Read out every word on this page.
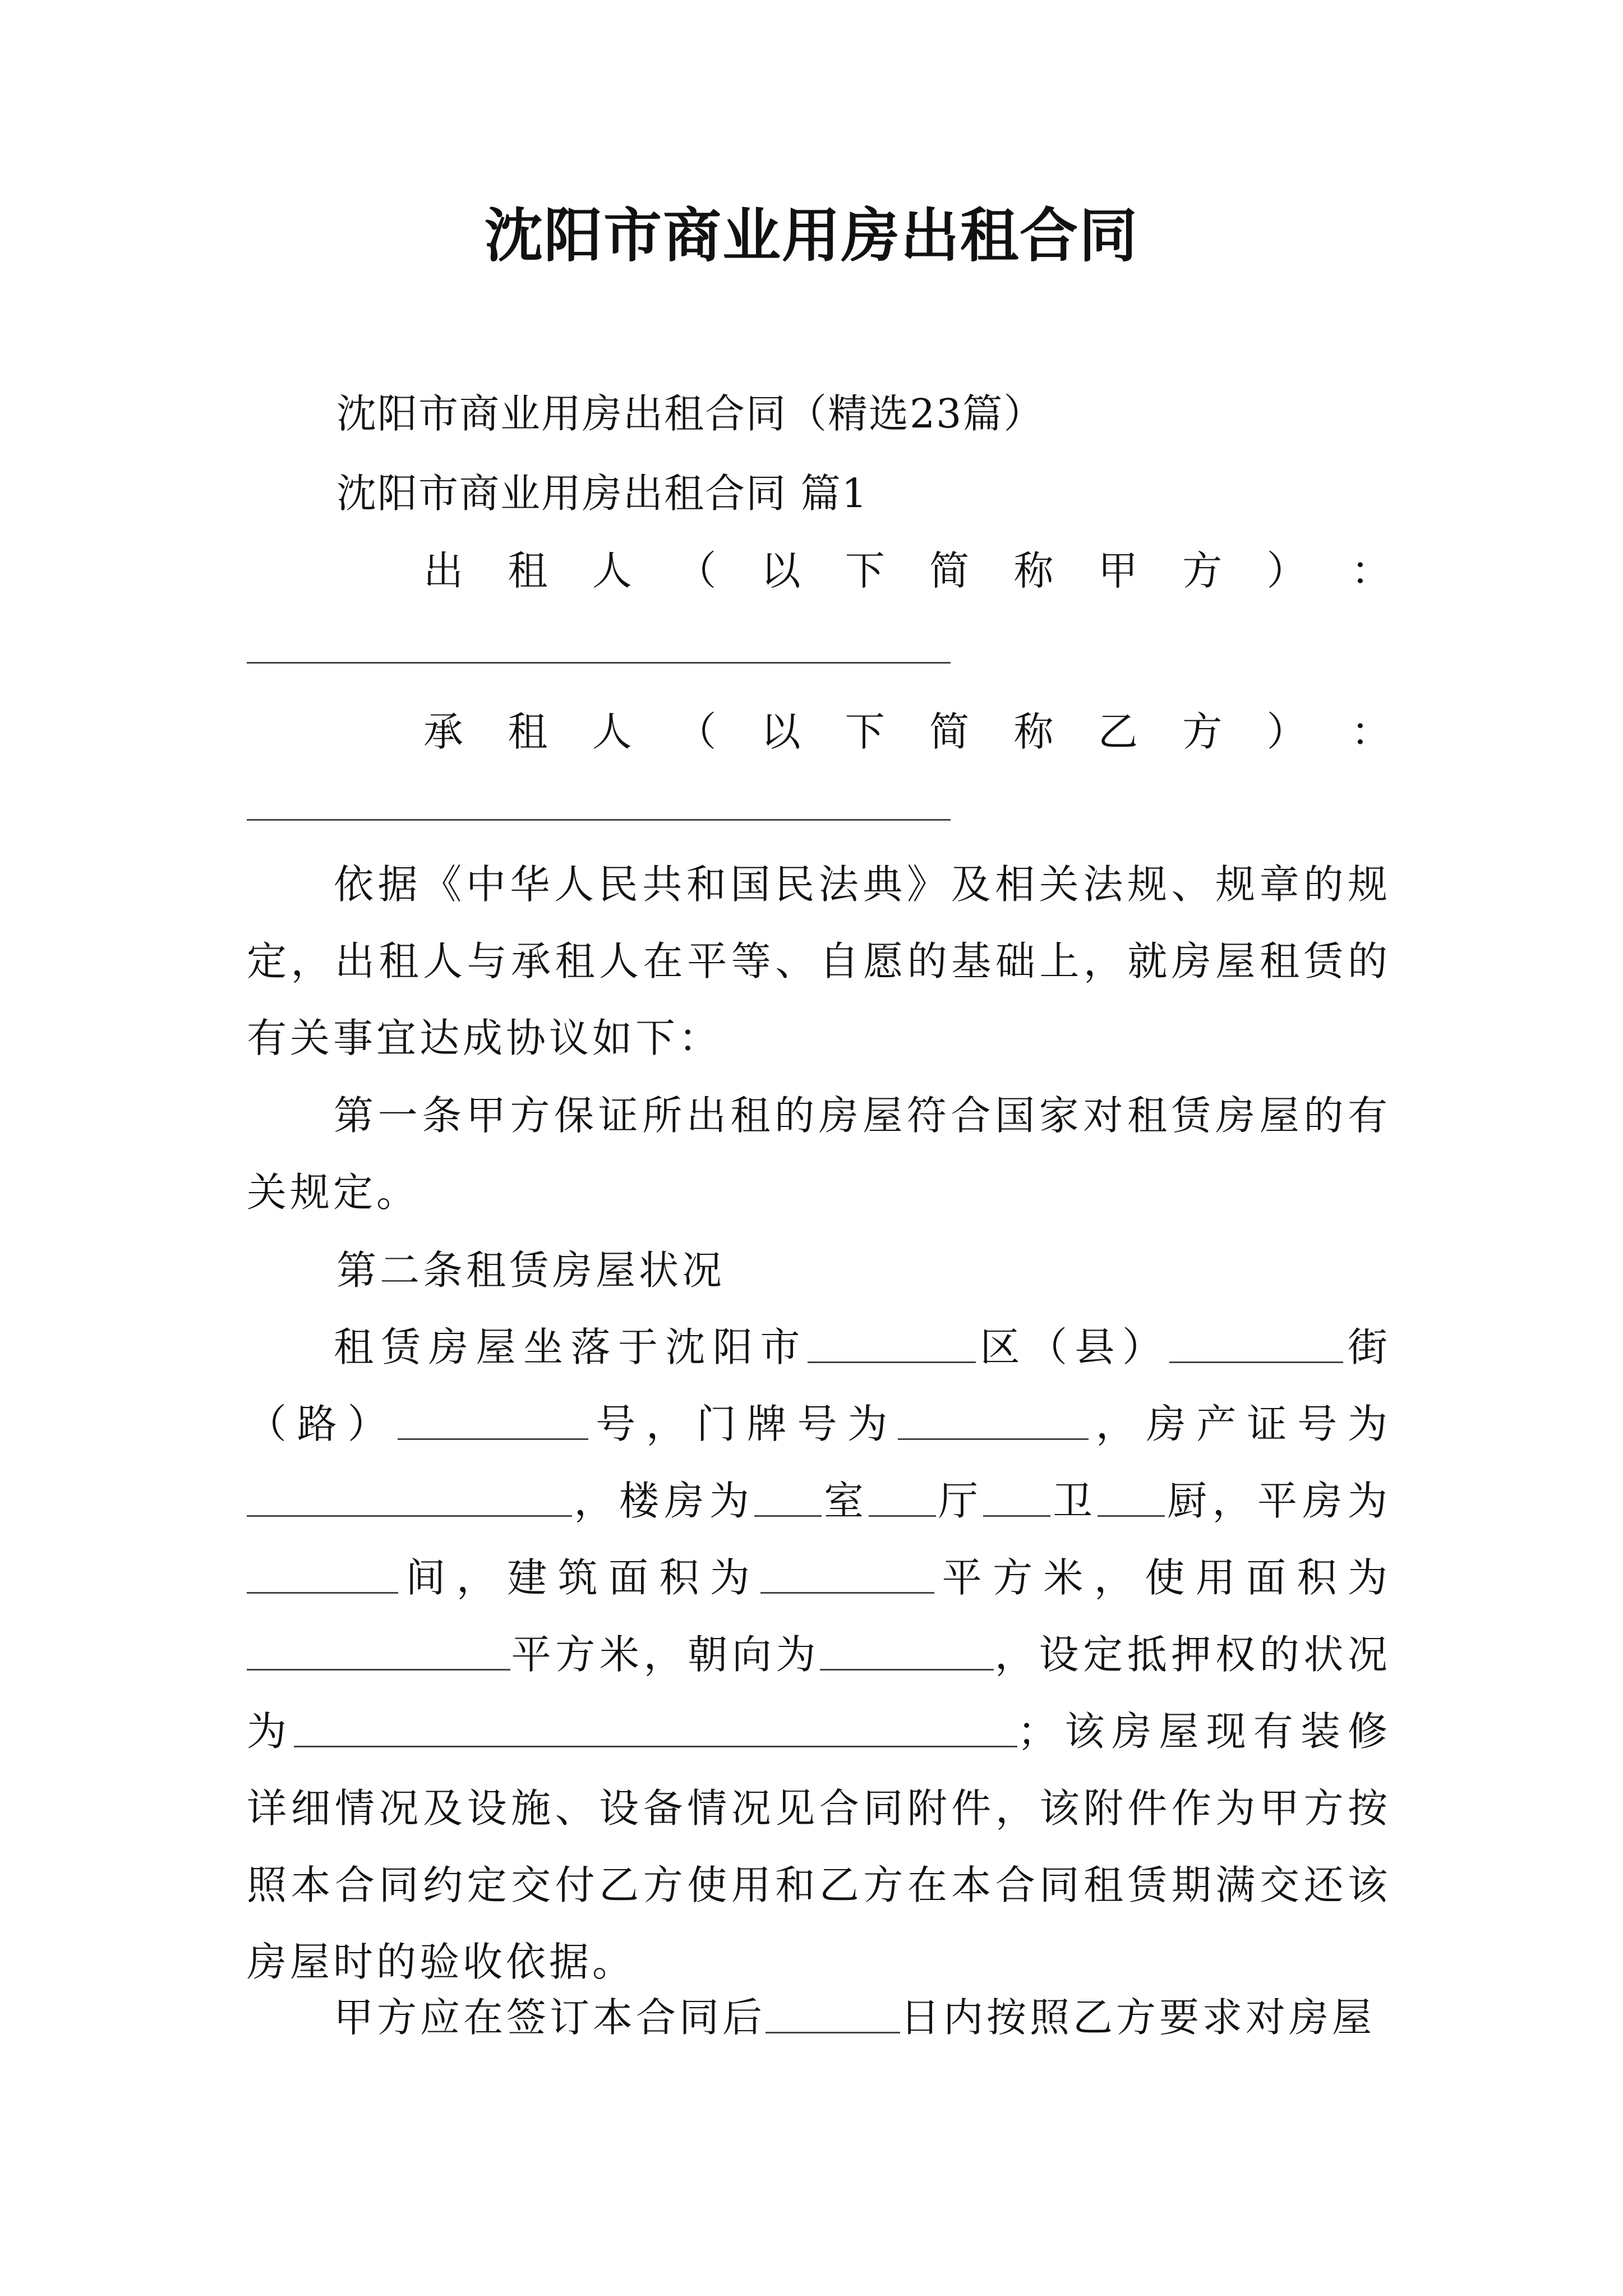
沈阳市商业用房出租合同
沈阳市商业用房出租合同（精选23篇）
沈阳市商业用房出租合同 篇1
出 租 人 （ 以 下 简 称 甲 方 ） ：
承 租 人 （ 以 下 简 称 乙 方 ） ：
依据《中华人民共和国民法典》及相关法规、规章的规定，出租人与承租人在平等、自愿的基础上，就房屋租赁的有关事宜达成协议如下：
第一条甲方保证所出租的房屋符合国家对租赁房屋的有关规定。
第二条租赁房屋状况
租赁房屋坐落于沈阳市	区（县）	街（路）	号，门牌号为	，房产证号为，楼房为 室 厅 卫 厨，平房为间，建筑面积为	平方米，使用面积为平方米，朝向为	，设定抵押权的状况为	；该房屋现有装修详细情况及设施、设备情况见合同附件，该附件作为甲方按照本合同约定交付乙方使用和乙方在本合同租赁期满交还该房屋时的验收依据。
甲方应在签订本合同后	日内按照乙方要求对房屋
